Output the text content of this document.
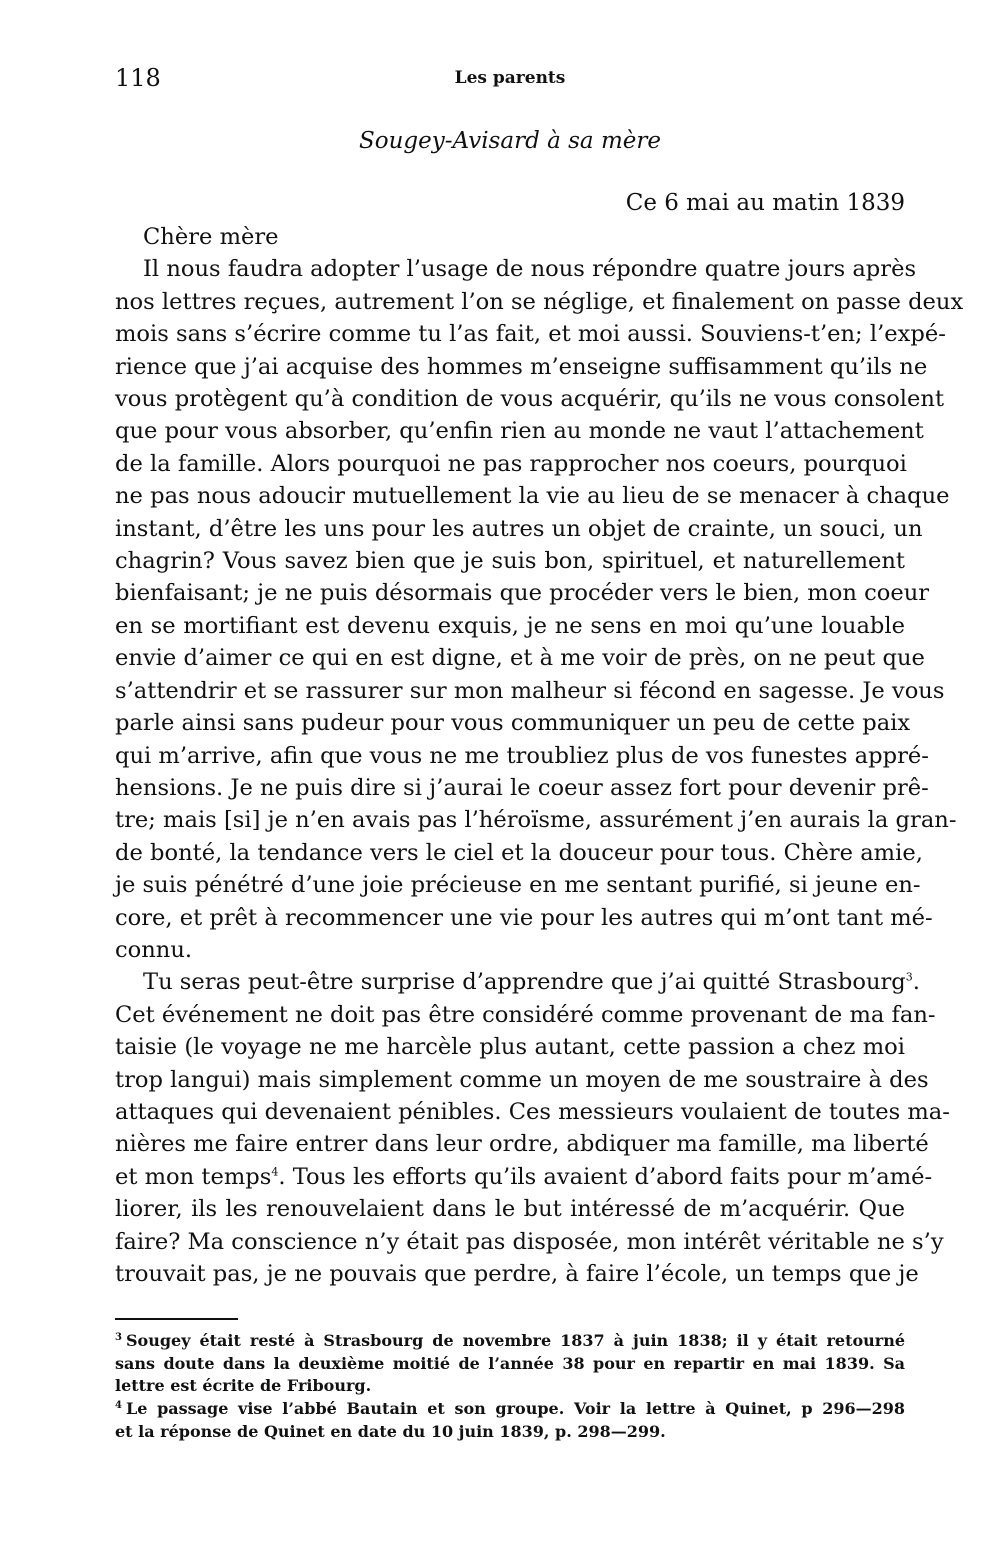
118	Les parents
Sougey-Avisard à sa mère
Ce 6 mai au matin 1839
Chère mère
Il nous faudra adopter l’usage de nous répondre quatre jours après
nos lettres reçues, autrement l’on se néglige, et finalement on passe deux
mois sans s’écrire comme tu l’as fait, et moi aussi. Souviens-t’en; l’expé-
rience que j’ai acquise des hommes m’enseigne suffisamment qu’ils ne
vous protègent qu’à condition de vous acquérir, qu’ils ne vous consolent
que pour vous absorber, qu’enfin rien au monde ne vaut l’attachement
de la famille. Alors pourquoi ne pas rapprocher nos coeurs, pourquoi
ne pas nous adoucir mutuellement la vie au lieu de se menacer à chaque
instant, d’être les uns pour les autres un objet de crainte, un souci, un
chagrin? Vous savez bien que je suis bon, spirituel, et naturellement
bienfaisant; je ne puis désormais que procéder vers le bien, mon coeur
en se mortifiant est devenu exquis, je ne sens en moi qu’une louable
envie d’aimer ce qui en est digne, et à me voir de près, on ne peut que
s’attendrir et se rassurer sur mon malheur si fécond en sagesse. Je vous
parle ainsi sans pudeur pour vous communiquer un peu de cette paix
qui m’arrive, afin que vous ne me troubliez plus de vos funestes appré-
hensions. Je ne puis dire si j’aurai le coeur assez fort pour devenir prê-
tre; mais [si] je n’en avais pas l’héroïsme, assurément j’en aurais la gran-
de bonté, la tendance vers le ciel et la douceur pour tous. Chère amie,
je suis pénétré d’une joie précieuse en me sentant purifié, si jeune en-
core, et prêt à recommencer une vie pour les autres qui m’ont tant mé-
connu.
Tu seras peut-être surprise d’apprendre que j’ai quitté Strasbourg$^3$.
Cet événement ne doit pas être considéré comme provenant de ma fan-
taisie (le voyage ne me harcèle plus autant, cette passion a chez moi
trop langui) mais simplement comme un moyen de me soustraire à des
attaques qui devenaient pénibles. Ces messieurs voulaient de toutes ma-
nières me faire entrer dans leur ordre, abdiquer ma famille, ma liberté
et mon temps$^4$. Tous les efforts qu’ils avaient d’abord faits pour m’amé-
liorer, ils les renouvelaient dans le but intéressé de m’acquérir. Que
faire? Ma conscience n’y était pas disposée, mon intérêt véritable ne s’y
trouvait pas, je ne pouvais que perdre, à faire l’école, un temps que je
$^3$ Sougey était resté à Strasbourg de novembre 1837 à juin 1838; il y était retourné
sans doute dans la deuxième moitié de l’année 38 pour en repartir en mai 1839. Sa
lettre est écrite de Fribourg.
$^4$ Le passage vise l’abbé Bautain et son groupe. Voir la lettre à Quinet, p 296—298
et la réponse de Quinet en date du 10 juin 1839, p. 298—299.
